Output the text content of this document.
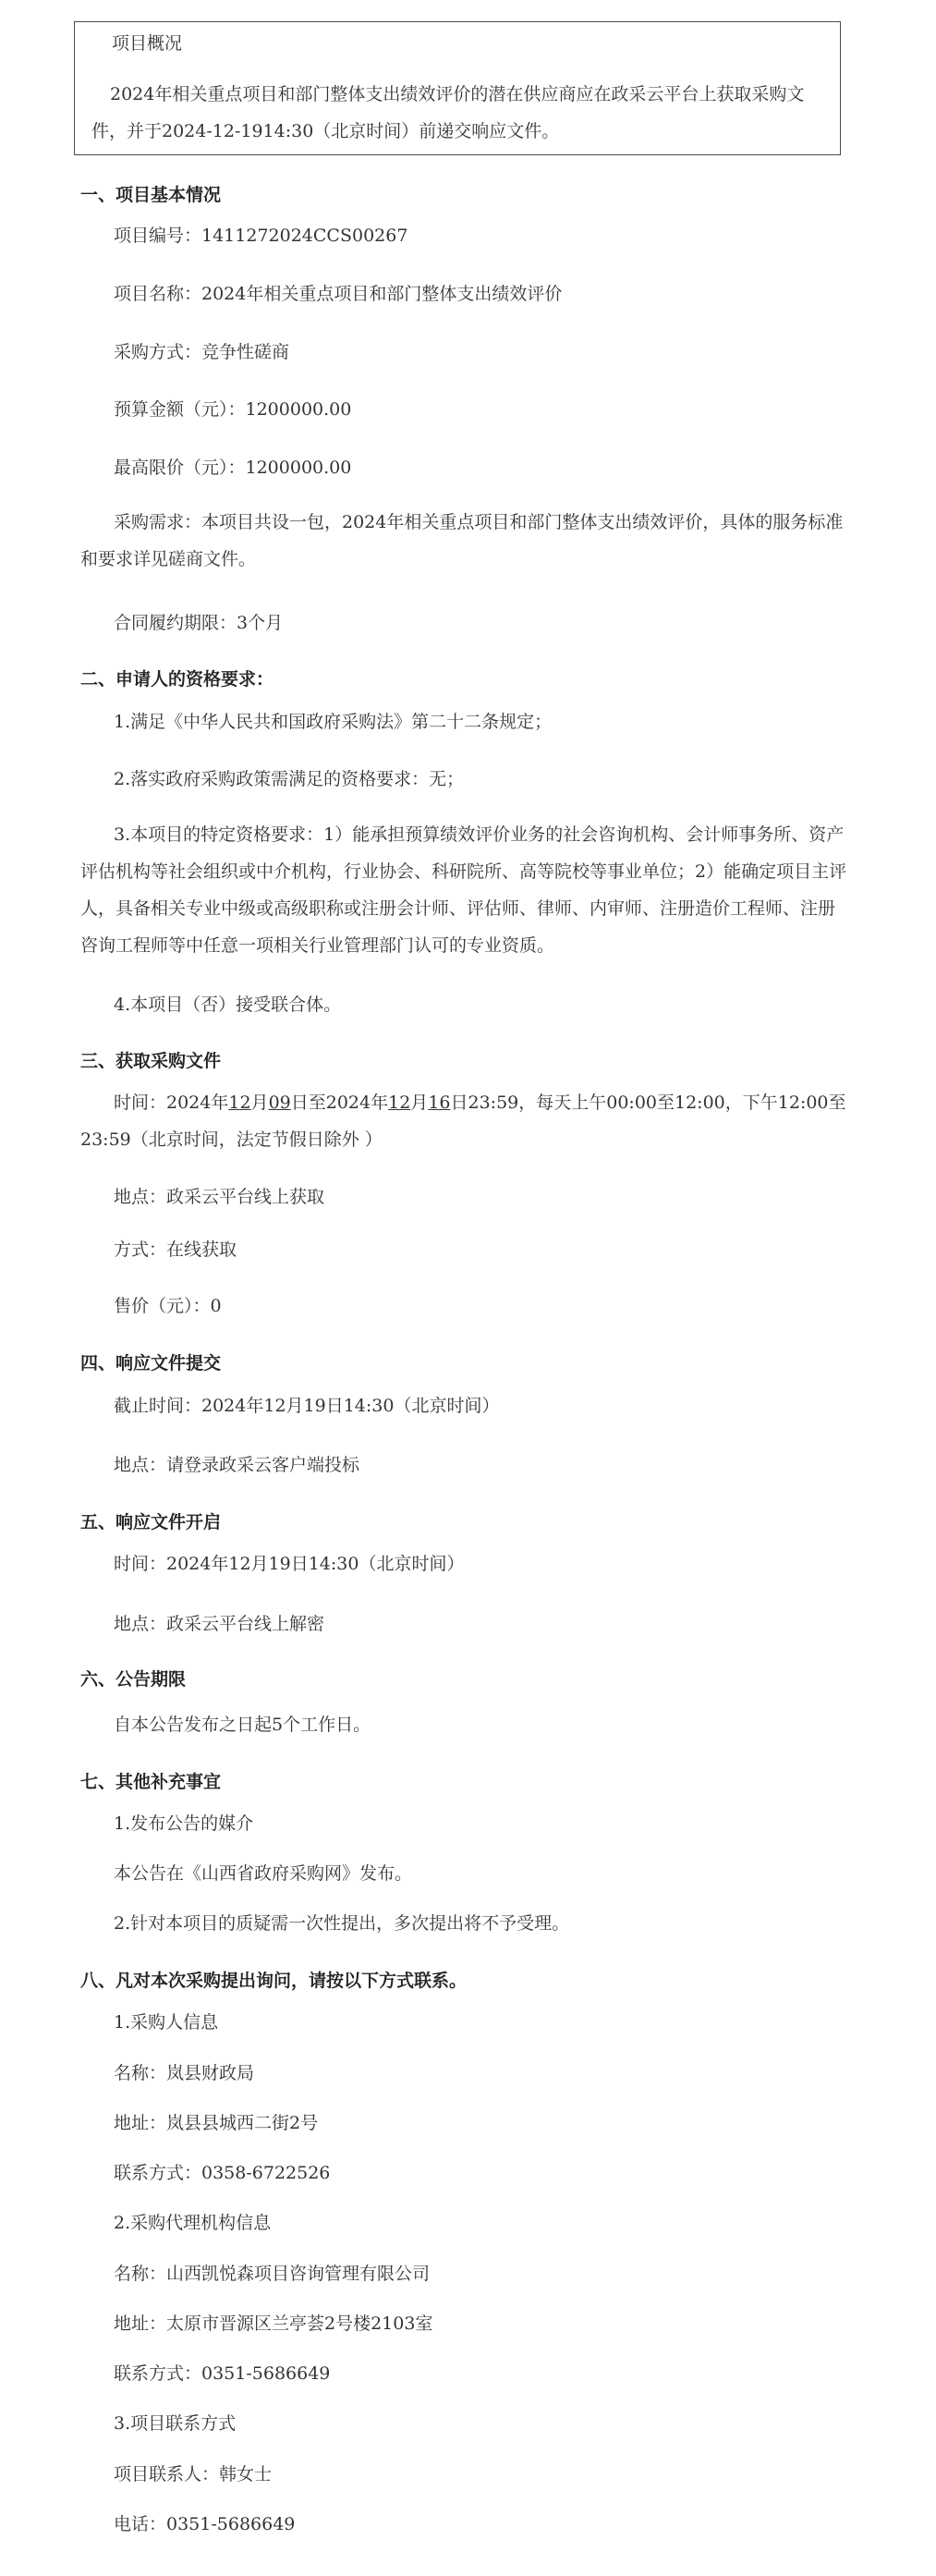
项目概况
2024年相关重点项目和部门整体支出绩效评价的潜在供应商应在政采云平台上获取采购文件，并于2024-12-1914:30（北京时间）前递交响应文件。
一、项目基本情况
项目编号：1411272024CCS00267
项目名称：2024年相关重点项目和部门整体支出绩效评价
采购方式：竞争性磋商
预算金额（元）：1200000.00
最高限价（元）：1200000.00
采购需求：本项目共设一包，2024年相关重点项目和部门整体支出绩效评价，具体的服务标准和要求详见磋商文件。
合同履约期限：3个月
二、申请人的资格要求：
1.满足《中华人民共和国政府采购法》第二十二条规定；
2.落实政府采购政策需满足的资格要求：无；
3.本项目的特定资格要求：1）能承担预算绩效评价业务的社会咨询机构、会计师事务所、资产评估机构等社会组织或中介机构，行业协会、科研院所、高等院校等事业单位；2）能确定项目主评人，具备相关专业中级或高级职称或注册会计师、评估师、律师、内审师、注册造价工程师、注册咨询工程师等中任意一项相关行业管理部门认可的专业资质。
4.本项目（否）接受联合体。
三、获取采购文件
时间：2024年12月09日至2024年12月16日23:59，每天上午00:00至12:00，下午12:00至
23:59（北京时间，法定节假日除外 ）
地点：政采云平台线上获取
方式：在线获取
售价（元）：0
四、响应文件提交
截止时间：2024年12月19日14:30（北京时间）
地点：请登录政采云客户端投标
五、响应文件开启
时间：2024年12月19日14:30（北京时间）
地点：政采云平台线上解密
六、公告期限
自本公告发布之日起5个工作日。
七、其他补充事宜
1.发布公告的媒介
本公告在《山西省政府采购网》发布。
2.针对本项目的质疑需一次性提出，多次提出将不予受理。
八、凡对本次采购提出询问，请按以下方式联系。
1.采购人信息
名称：岚县财政局
地址：岚县县城西二街2号
联系方式：0358-6722526
2.采购代理机构信息
名称：山西凯悦森项目咨询管理有限公司
地址：太原市晋源区兰亭荟2号楼2103室
联系方式：0351-5686649
3.项目联系方式
项目联系人：韩女士
电话：0351-5686649
